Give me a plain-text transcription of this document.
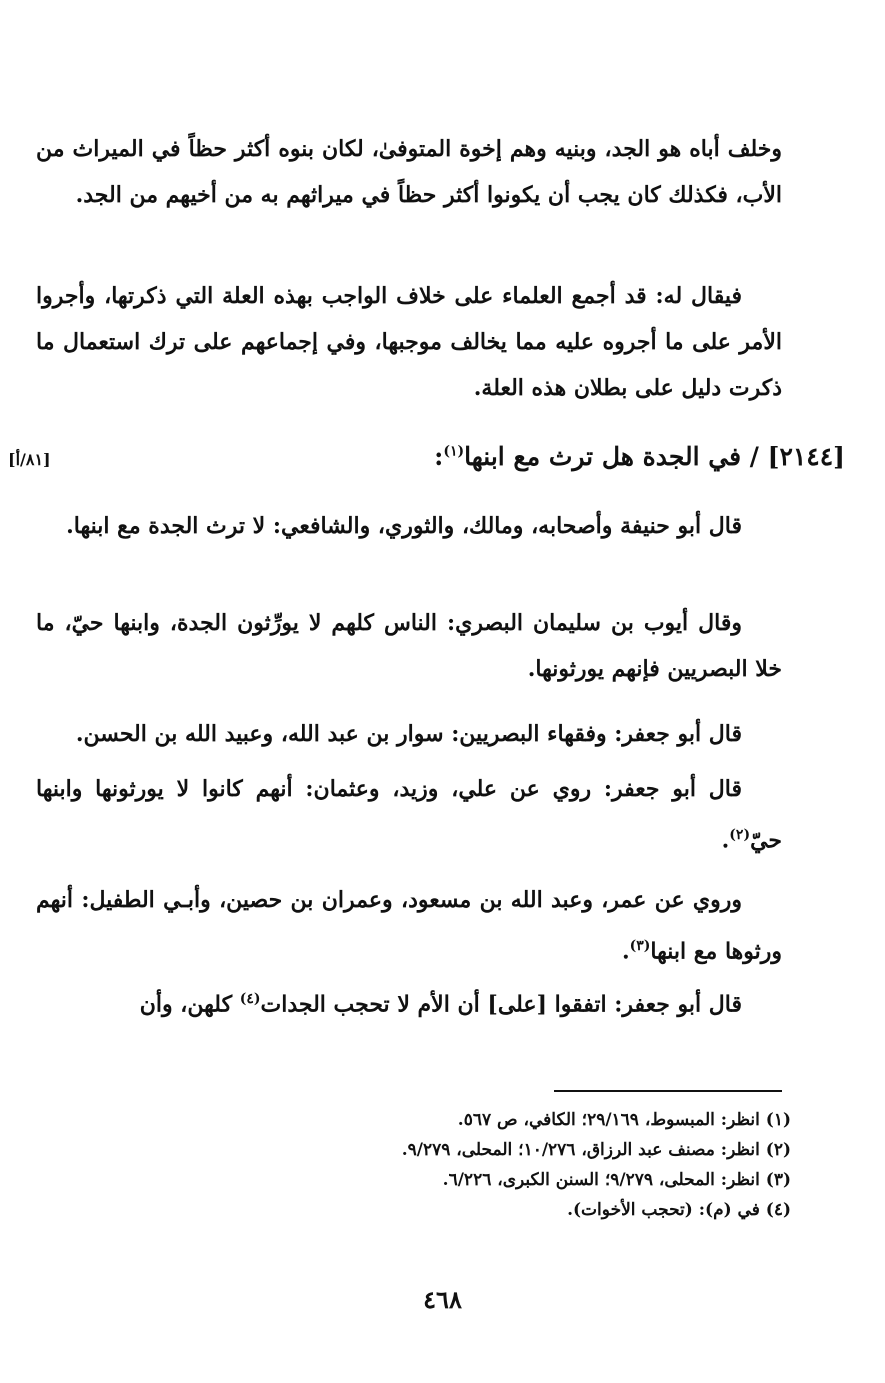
وخلف أباه هو الجد، وبنيه وهم إخوة المتوفىٰ، لكان بنوه أكثر حظاً في الميراث من الأب، فكذلك كان يجب أن يكونوا أكثر حظاً في ميراثهم به من أخيهم من الجد.

فيقال له: قد أجمع العلماء على خلاف الواجب بهذه العلة التي ذكرتها، وأجروا الأمر على ما أجروه عليه مما يخالف موجبها، وفي إجماعهم على ترك استعمال ما ذكرت دليل على بطلان هذه العلة.

[٨١/أ]	[٢١٤٤] / في الجدة هل ترث مع ابنها$^{(١)}$:

قال أبو حنيفة وأصحابه، ومالك، والثوري، والشافعي: لا ترث الجدة مع ابنها.

وقال أيوب بن سليمان البصري: الناس كلهم لا يورِّثون الجدة، وابنها حيّ، ما خلا البصريين فإنهم يورثونها.

قال أبو جعفر: وفقهاء البصريين: سوار بن عبد الله، وعبيد الله بن الحسن.

قال أبو جعفر: روي عن علي، وزيد، وعثمان: أنهم كانوا لا يورثونها وابنها حيّ$^{(٢)}$.

وروي عن عمر، وعبد الله بن مسعود، وعمران بن حصين، وأبـي الطفيل: أنهم ورثوها مع ابنها$^{(٣)}$.

قال أبو جعفر: اتفقوا [على] أن الأم لا تحجب الجدات$^{(٤)}$ كلهن، وأن

(١) انظر: المبسوط، ٢٩/١٦٩؛ الكافي، ص ٥٦٧.
(٢) انظر: مصنف عبد الرزاق، ١٠/٢٧٦؛ المحلى، ٩/٢٧٩.
(٣) انظر: المحلى، ٩/٢٧٩؛ السنن الكبرى، ٦/٢٢٦.
(٤) في (م): (تحجب الأخوات).
٤٦٨
